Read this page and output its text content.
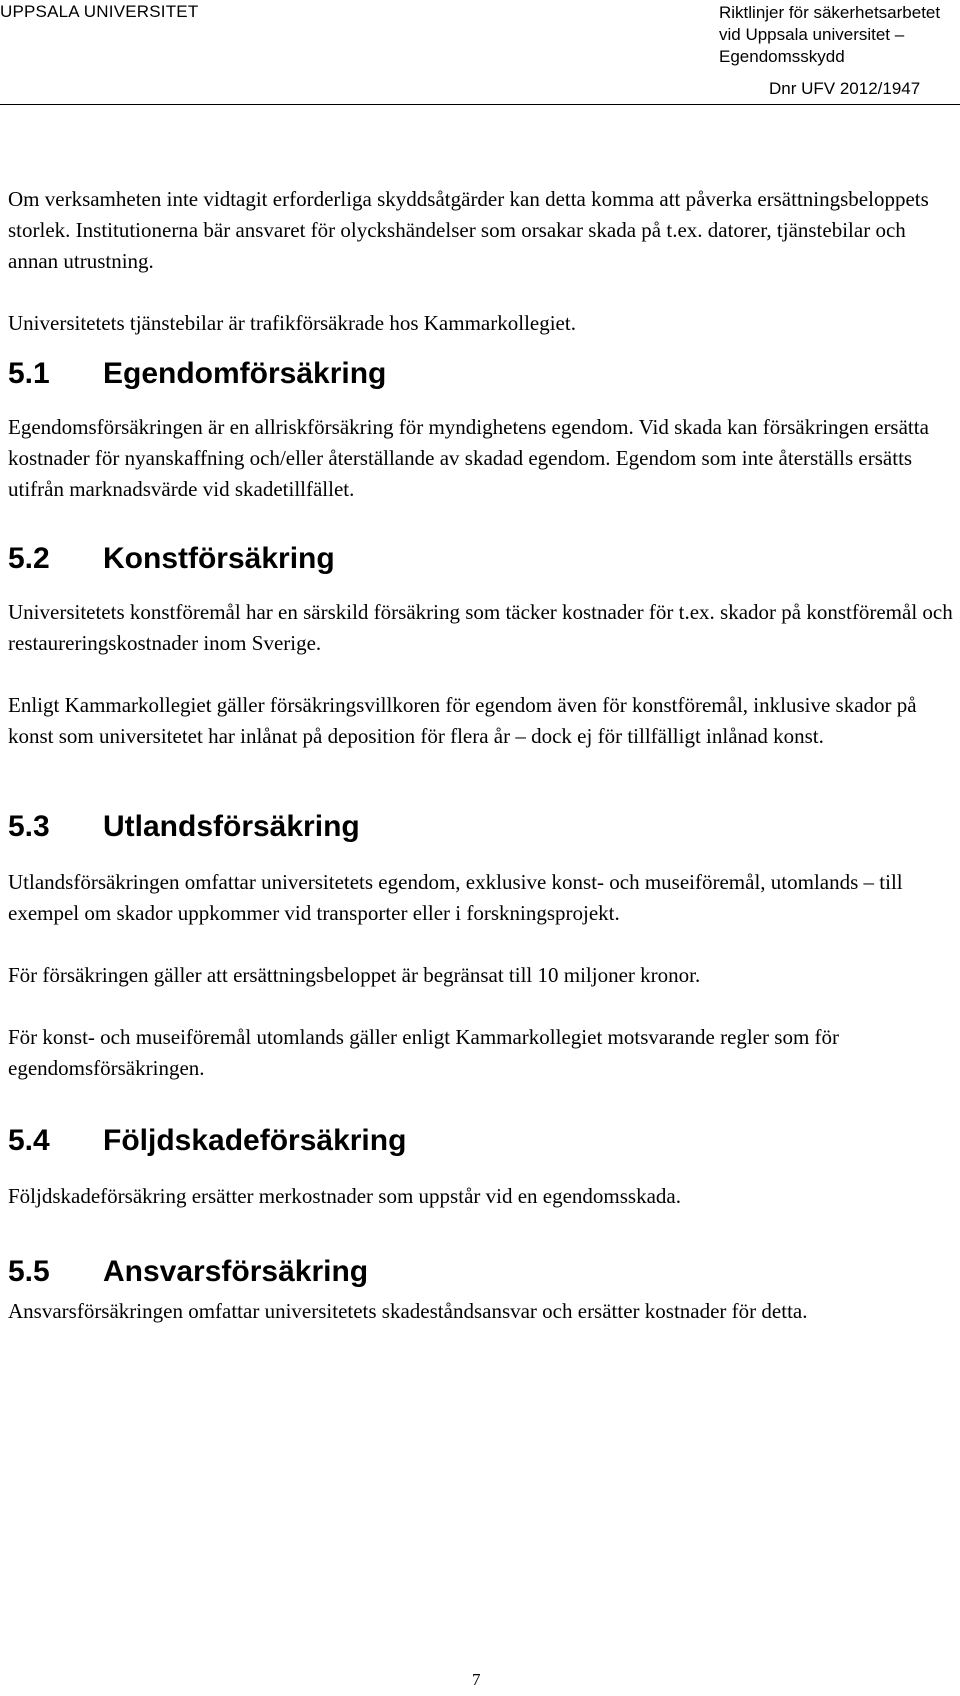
UPPSALA UNIVERSITET	Riktlinjer för säkerhetsarbetet vid Uppsala universitet – Egendomsskydd
Dnr UFV 2012/1947

Om verksamheten inte vidtagit erforderliga skyddsåtgärder kan detta komma att påverka ersättningsbeloppets storlek. Institutionerna bär ansvaret för olyckshändelser som orsakar skada på t.ex. datorer, tjänstebilar och annan utrustning.

Universitetets tjänstebilar är trafikförsäkrade hos Kammarkollegiet.

5.1	Egendomförsäkring

Egendomsförsäkringen är en allriskförsäkring för myndighetens egendom. Vid skada kan försäkringen ersätta kostnader för nyanskaffning och/eller återställande av skadad egendom. Egendom som inte återställs ersätts utifrån marknadsvärde vid skadetillfället.

5.2	Konstförsäkring

Universitetets konstföremål har en särskild försäkring som täcker kostnader för t.ex. skador på konstföremål och restaureringskostnader inom Sverige.

Enligt Kammarkollegiet gäller försäkringsvillkoren för egendom även för konstföremål, inklusive skador på konst som universitetet har inlånat på deposition för flera år – dock ej för tillfälligt inlånad konst.

5.3	Utlandsförsäkring

Utlandsförsäkringen omfattar universitetets egendom, exklusive konst- och museiföremål, utomlands – till exempel om skador uppkommer vid transporter eller i forskningsprojekt.

För försäkringen gäller att ersättningsbeloppet är begränsat till 10 miljoner kronor.

För konst- och museiföremål utomlands gäller enligt Kammarkollegiet motsvarande regler som för egendomsförsäkringen.

5.4	Följdskadeförsäkring

Följdskadeförsäkring ersätter merkostnader som uppstår vid en egendomsskada.

5.5	Ansvarsförsäkring

Ansvarsförsäkringen omfattar universitetets skadeståndsansvar och ersätter kostnader för detta.

7
